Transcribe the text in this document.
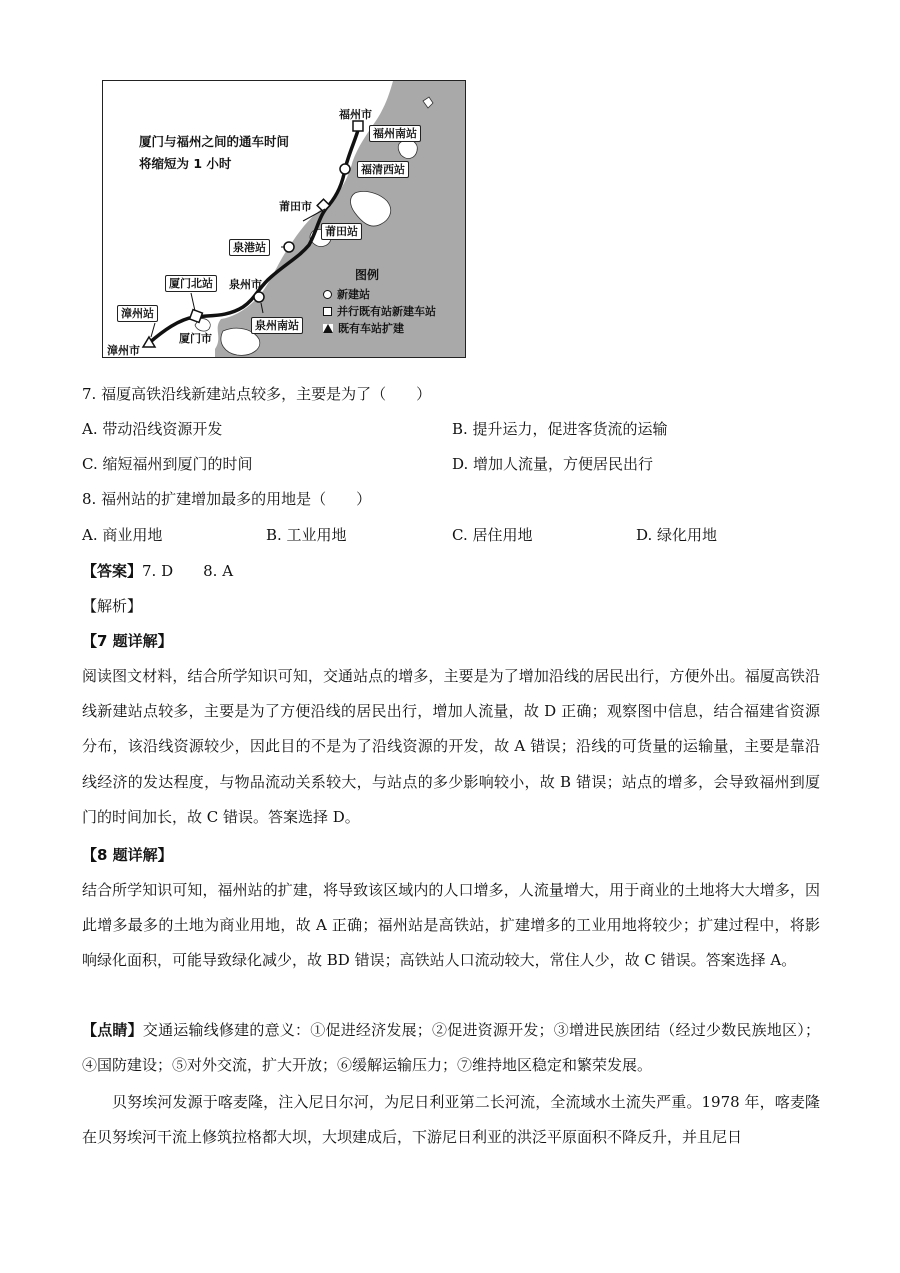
厦门与福州之间的通车时间
将缩短为 1 小时
福州市
福州南站
福清西站
莆田市
莆田站
泉港站
泉州市
泉州南站
厦门北站
漳州站
厦门市
漳州市
图例
新建站
并行既有站新建车站
既有车站扩建
7. 福厦高铁沿线新建站点较多，主要是为了（　　）
A. 带动沿线资源开发	B. 提升运力，促进客货流的运输
C. 缩短福州到厦门的时间	D. 增加人流量，方便居民出行
8. 福州站的扩建增加最多的用地是（　　）
A. 商业用地	B. 工业用地	C. 居住用地	D. 绿化用地
【答案】7. D　　8. A
【解析】
【7 题详解】

阅读图文材料，结合所学知识可知，交通站点的增多，主要是为了增加沿线的居民出行，方便外出。福厦高铁沿线新建站点较多，主要是为了方便沿线的居民出行，增加人流量，故 D 正确；观察图中信息，结合福建省资源分布，该沿线资源较少，因此目的不是为了沿线资源的开发，故 A 错误；沿线的可货量的运输量，主要是靠沿线经济的发达程度，与物品流动关系较大，与站点的多少影响较小，故 B 错误；站点的增多，会导致福州到厦门的时间加长，故 C 错误。答案选择 D。

【8 题详解】

结合所学知识可知，福州站的扩建，将导致该区域内的人口增多，人流量增大，用于商业的土地将大大增多，因此增多最多的土地为商业用地，故 A 正确；福州站是高铁站，扩建增多的工业用地将较少；扩建过程中，将影响绿化面积，可能导致绿化减少，故 BD 错误；高铁站人口流动较大，常住人少，故 C 错误。答案选择 A。

【点睛】交通运输线修建的意义：①促进经济发展；②促进资源开发；③增进民族团结（经过少数民族地区）；④国防建设；⑤对外交流，扩大开放；⑥缓解运输压力；⑦维持地区稳定和繁荣发展。

贝努埃河发源于喀麦隆，注入尼日尔河，为尼日利亚第二长河流，全流域水土流失严重。1978 年，喀麦隆在贝努埃河干流上修筑拉格都大坝，大坝建成后，下游尼日利亚的洪泛平原面积不降反升，并且尼日
